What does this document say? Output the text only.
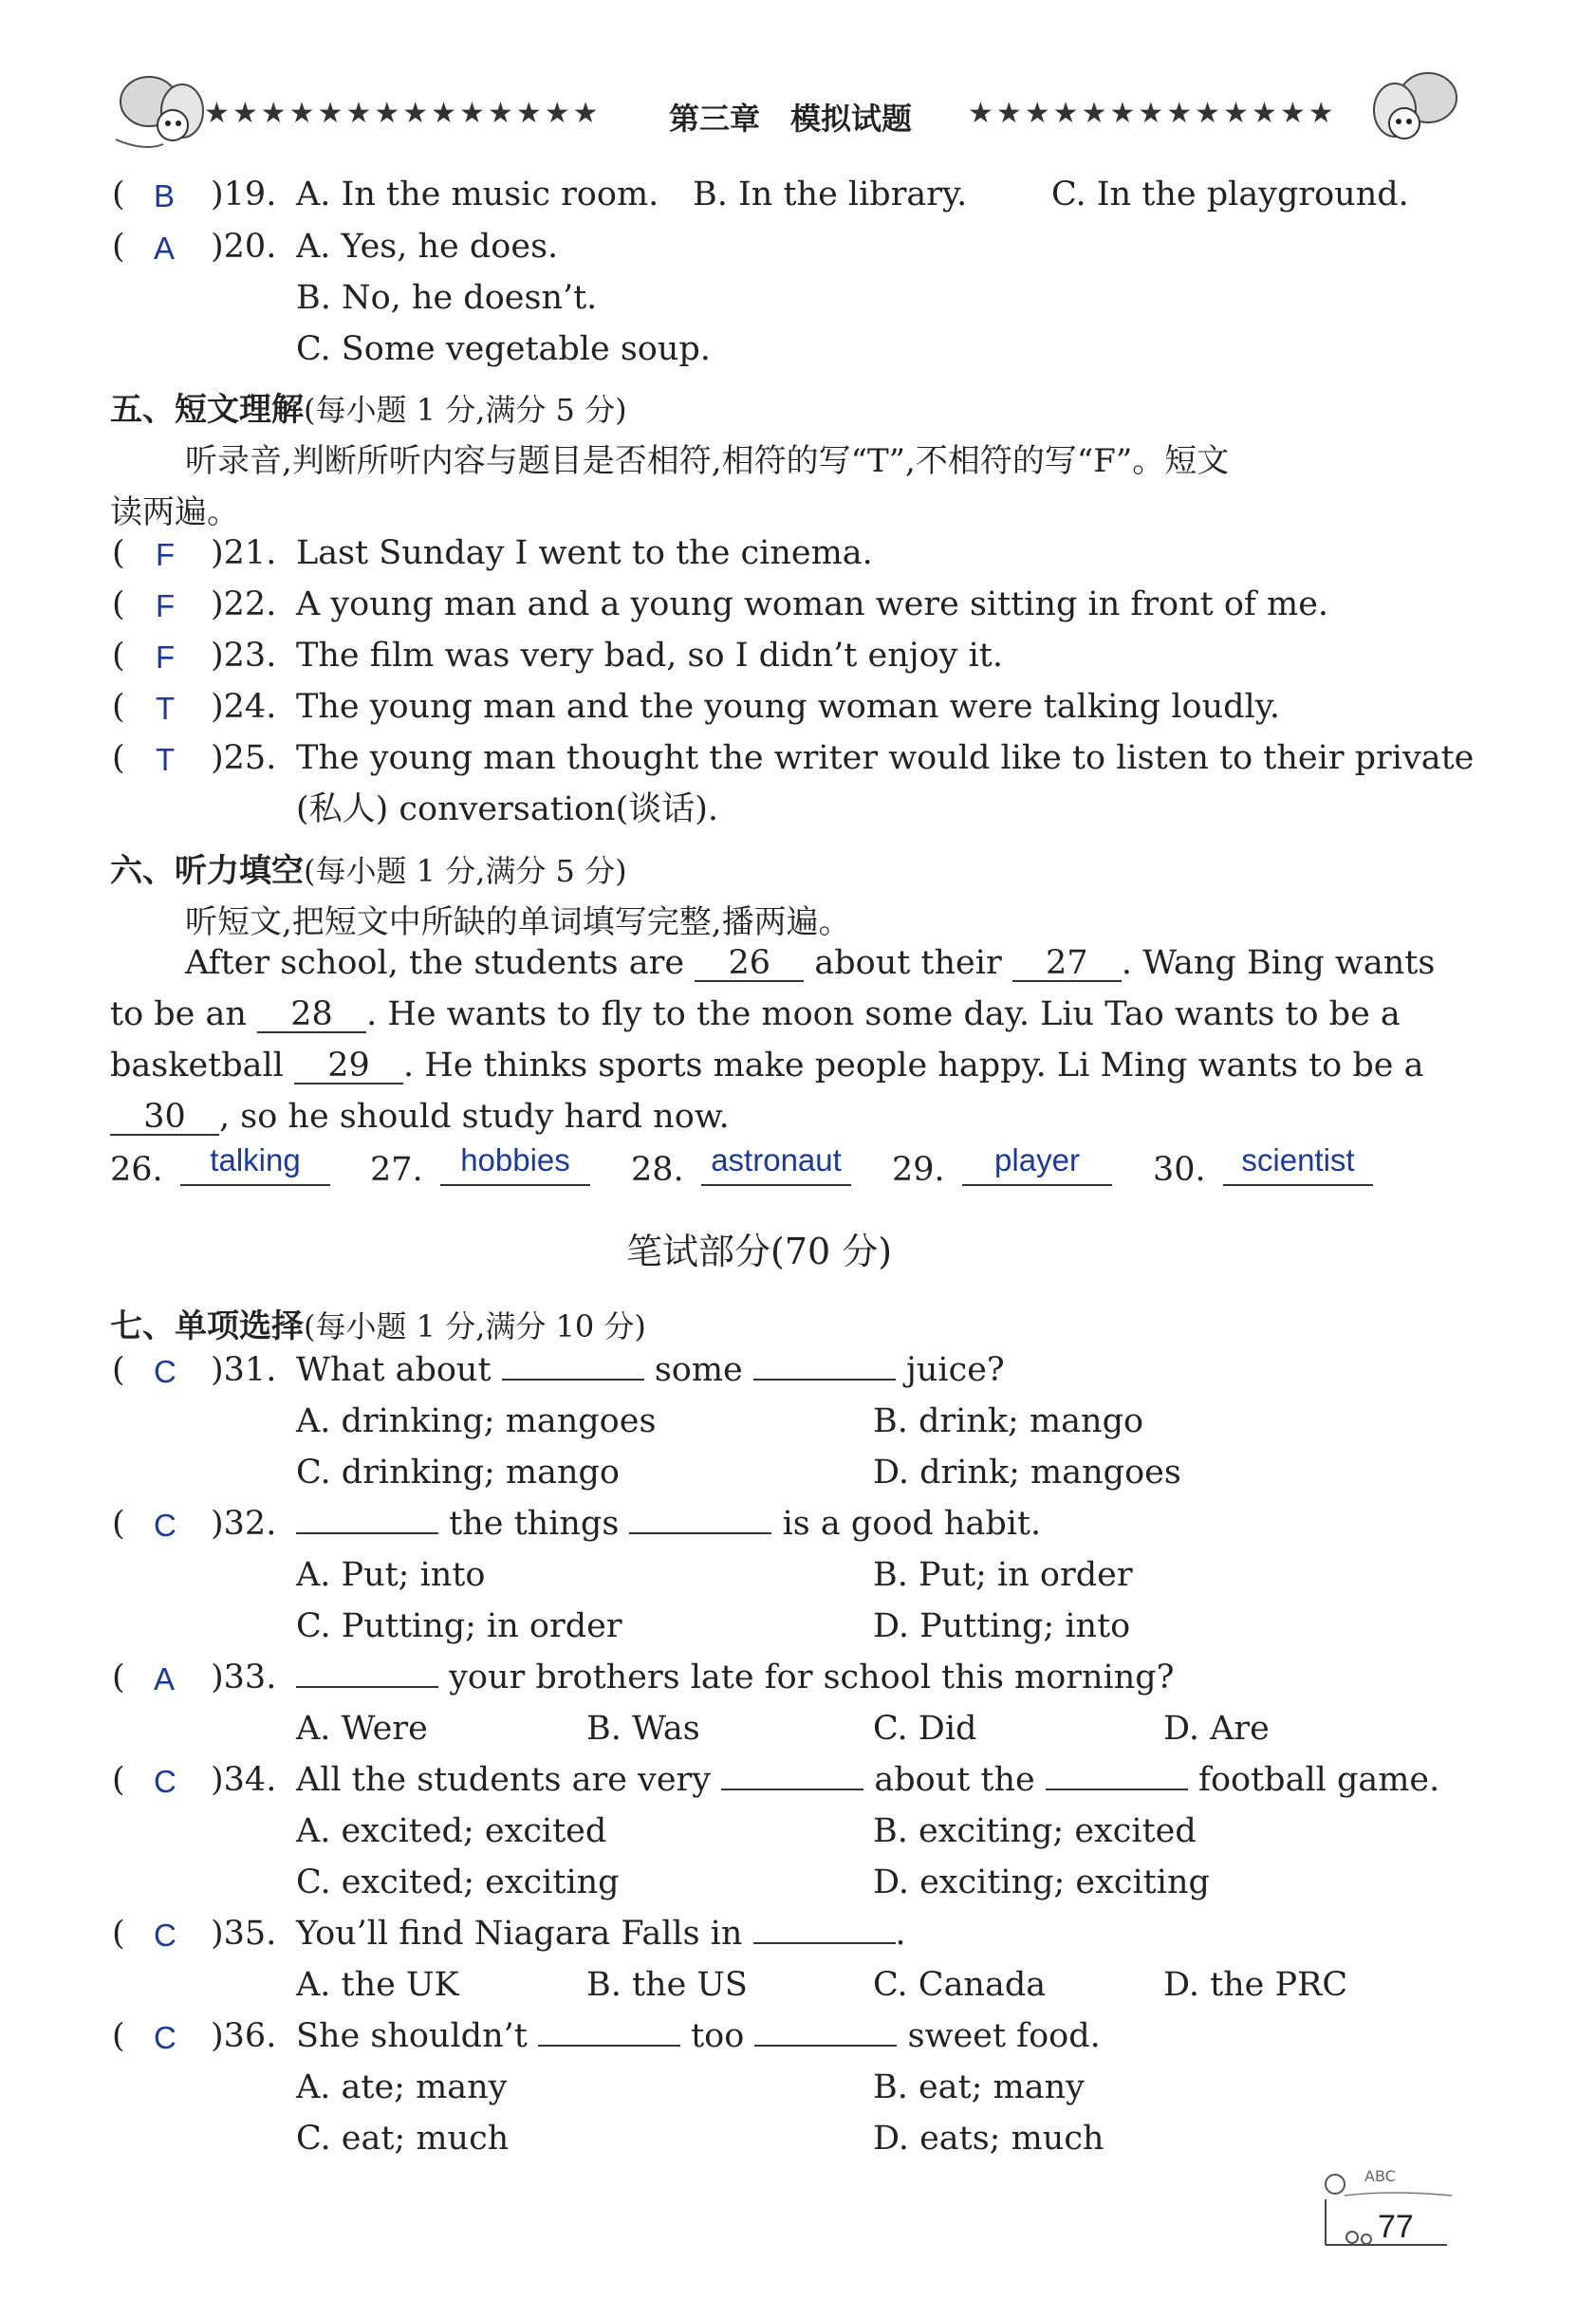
★★★★★★★★★★★★★★ 第三章　模拟试题 ★★★★★★★★★★★★★
( B )19. A. In the music room. B. In the library.	C. In the playground.
( A )20. A. Yes, he does.
B. No, he doesn’t.
C. Some vegetable soup.
五、短文理解(每小题 1 分,满分 5 分)
听录音,判断所听内容与题目是否相符,相符的写“T”,不相符的写“F”。短文
读两遍。
( F )21. Last Sunday I went to the cinema.
( F )22. A young man and a young woman were sitting in front of me.
( F )23. The film was very bad, so I didn’t enjoy it.
( T )24. The young man and the young woman were talking loudly.
( T )25. The young man thought the writer would like to listen to their private
(私人) conversation(谈话).
六、听力填空(每小题 1 分,满分 5 分)
听短文,把短文中所缺的单词填写完整,播两遍。
After school, the students are 26 about their 27 . Wang Bing wants
to be an 28 . He wants to fly to the moon some day. Liu Tao wants to be a
basketball 29 . He thinks sports make people happy. Li Ming wants to be a
30 , so he should study hard now.
26.	talking	27.	hobbies	28. astronaut 29.	player	30.	scientist
笔试部分(70 分)
七、单项选择(每小题 1 分,满分 10 分)
( C )31. What about	some	juice?
A. drinking; mangoes	B. drink; mango
C. drinking; mango	D. drink; mangoes
( C )32.	the things	is a good habit.
A. Put; into	B. Put; in order
C. Putting; in order	D. Putting; into
( A )33.	your brothers late for school this morning?
A. Were	B. Was	C. Did	D. Are
( C )34. All the students are very	about the	football game.
A. excited; excited	B. exciting; excited
C. excited; exciting	D. exciting; exciting
( C )35. You’ll find Niagara Falls in	.
A. the UK	B. the US	C. Canada	D. the PRC
( C )36. She shouldn’t	too	sweet food.
A. ate; many	B. eat; many
C. eat; much	D. eats; much
ABC
77
